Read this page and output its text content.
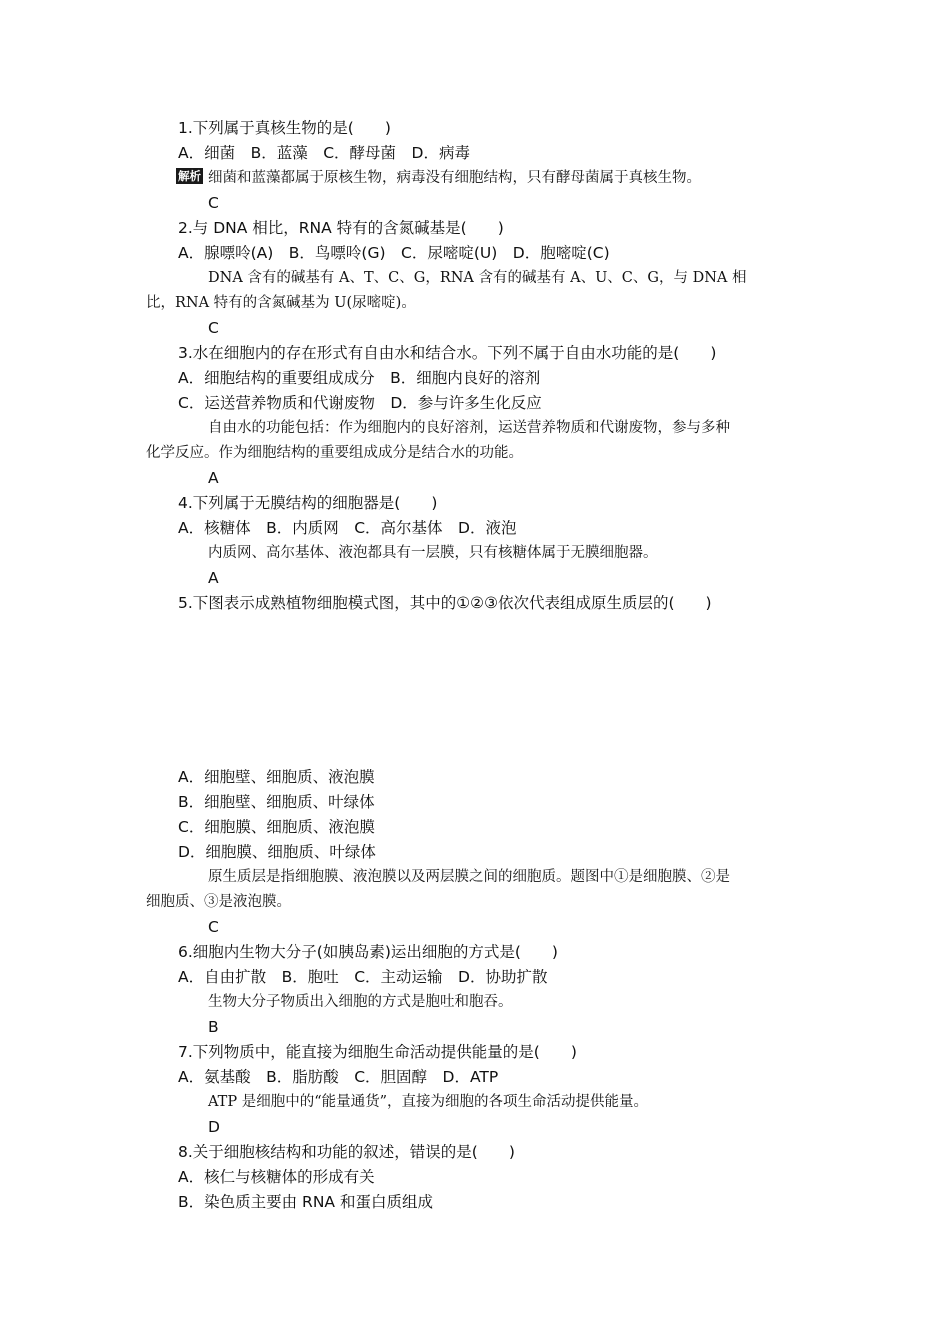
1.下列属于真核生物的是(　　)
A．细菌　B．蓝藻　C．酵母菌　D．病毒
解析 细菌和蓝藻都属于原核生物，病毒没有细胞结构，只有酵母菌属于真核生物。
C
2.与 DNA 相比，RNA 特有的含氮碱基是(　　)
A．腺嘌呤(A)　B．鸟嘌呤(G)　C．尿嘧啶(U)　D．胞嘧啶(C)
DNA 含有的碱基有 A、T、C、G，RNA 含有的碱基有 A、U、C、G，与 DNA 相
比，RNA 特有的含氮碱基为 U(尿嘧啶)。
C
3.水在细胞内的存在形式有自由水和结合水。下列不属于自由水功能的是(　　)
A．细胞结构的重要组成成分　B．细胞内良好的溶剂
C．运送营养物质和代谢废物　D．参与许多生化反应
自由水的功能包括：作为细胞内的良好溶剂，运送营养物质和代谢废物，参与多种
化学反应。作为细胞结构的重要组成成分是结合水的功能。
A
4.下列属于无膜结构的细胞器是(　　)
A．核糖体　B．内质网　C．高尔基体　D．液泡
内质网、高尔基体、液泡都具有一层膜，只有核糖体属于无膜细胞器。
A
5.下图表示成熟植物细胞模式图，其中的①②③依次代表组成原生质层的(　　)
A．细胞壁、细胞质、液泡膜
B．细胞壁、细胞质、叶绿体
C．细胞膜、细胞质、液泡膜
D．细胞膜、细胞质、叶绿体
原生质层是指细胞膜、液泡膜以及两层膜之间的细胞质。题图中①是细胞膜、②是
细胞质、③是液泡膜。
C
6.细胞内生物大分子(如胰岛素)运出细胞的方式是(　　)
A．自由扩散　B．胞吐　C．主动运输　D．协助扩散
生物大分子物质出入细胞的方式是胞吐和胞吞。
B
7.下列物质中，能直接为细胞生命活动提供能量的是(　　)
A．氨基酸　B．脂肪酸　C．胆固醇　D．ATP
ATP 是细胞中的“能量通货”，直接为细胞的各项生命活动提供能量。
D
8.关于细胞核结构和功能的叙述，错误的是(　　)
A．核仁与核糖体的形成有关
B．染色质主要由 RNA 和蛋白质组成
